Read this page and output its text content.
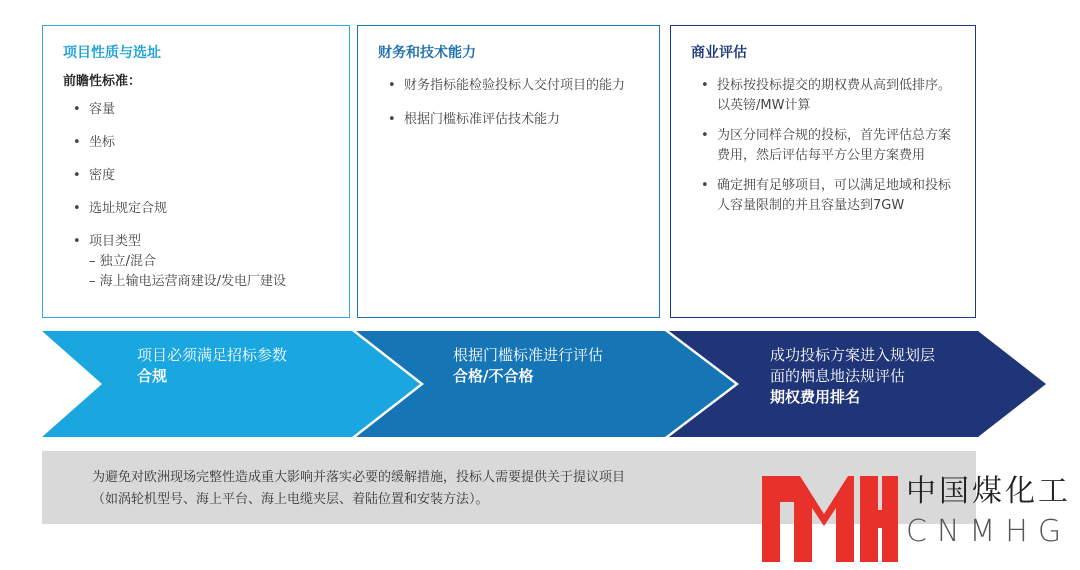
项目性质与选址
前瞻性标准：
• 容量
• 坐标
• 密度
• 选址规定合规
• 项目类型
– 独立/混合
– 海上输电运营商建设/发电厂建设
财务和技术能力
• 财务指标能检验投标人交付项目的能力
• 根据门槛标准评估技术能力
商业评估
• 投标按投标提交的期权费从高到低排序。以英镑/MW计算
• 为区分同样合规的投标，首先评估总方案费用，然后评估每平方公里方案费用
• 确定拥有足够项目，可以满足地域和投标人容量限制的并且容量达到7GW
项目必须满足招标参数
合规
根据门槛标准进行评估
合格/不合格
成功投标方案进入规划层
面的栖息地法规评估
期权费用排名
为避免对欧洲现场完整性造成重大影响并落实必要的缓解措施，投标人需要提供关于提议项目
（如涡轮机型号、海上平台、海上电缆夹层、着陆位置和安装方法）。	中国煤化工
CNMHG
